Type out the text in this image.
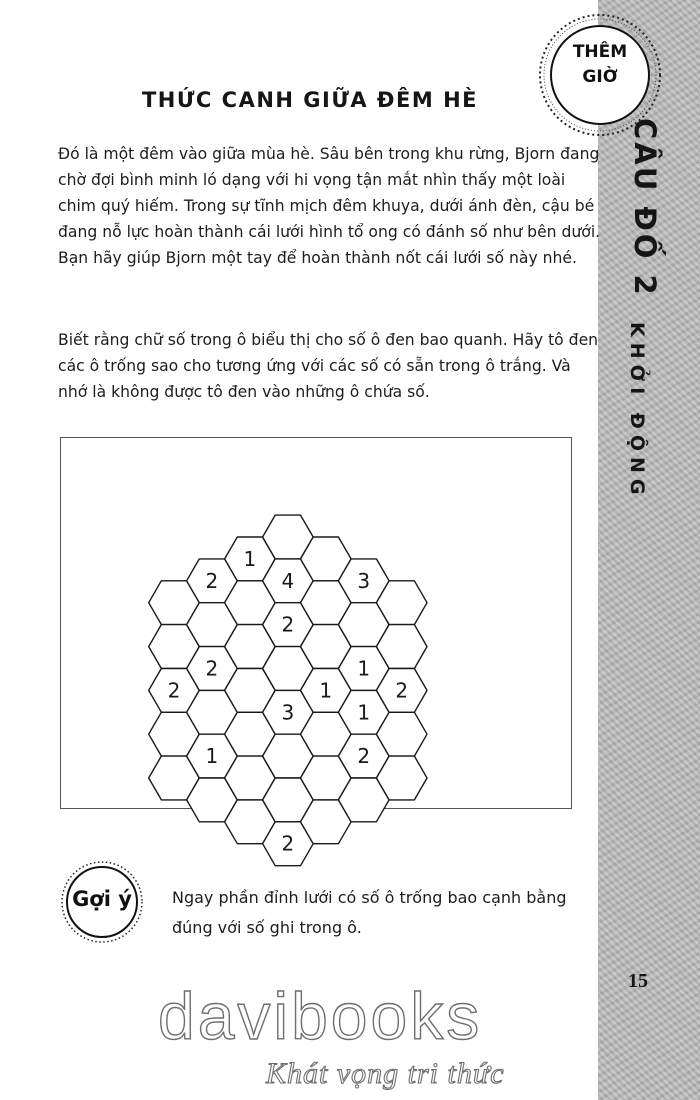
CÂU ĐỐ 2
KHỞI ĐỘNG
15
THÊM
GIỜ
THỨC CANH GIỮA ĐÊM HÈ
Đó là một đêm vào giữa mùa hè. Sâu bên trong khu rừng, Bjorn đang chờ đợi bình minh ló dạng với hi vọng tận mắt nhìn thấy một loài chim quý hiếm. Trong sự tĩnh mịch đêm khuya, dưới ánh đèn, cậu bé đang nỗ lực hoàn thành cái lưới hình tổ ong có đánh số như bên dưới. Bạn hãy giúp Bjorn một tay để hoàn thành nốt cái lưới số này nhé.
Biết rằng chữ số trong ô biểu thị cho số ô đen bao quanh. Hãy tô đen các ô trống sao cho tương ứng với các số có sẵn trong ô trắng. Và nhớ là không được tô đen vào những ô chứa số.
2
2
2
1
1
4
2
3
2
1
3
1
1
2
2
Gợi ý	Ngay phần đỉnh lưới có số ô trống bao cạnh bằng đúng với số ghi trong ô.
davibooks
Khát vọng tri thức
